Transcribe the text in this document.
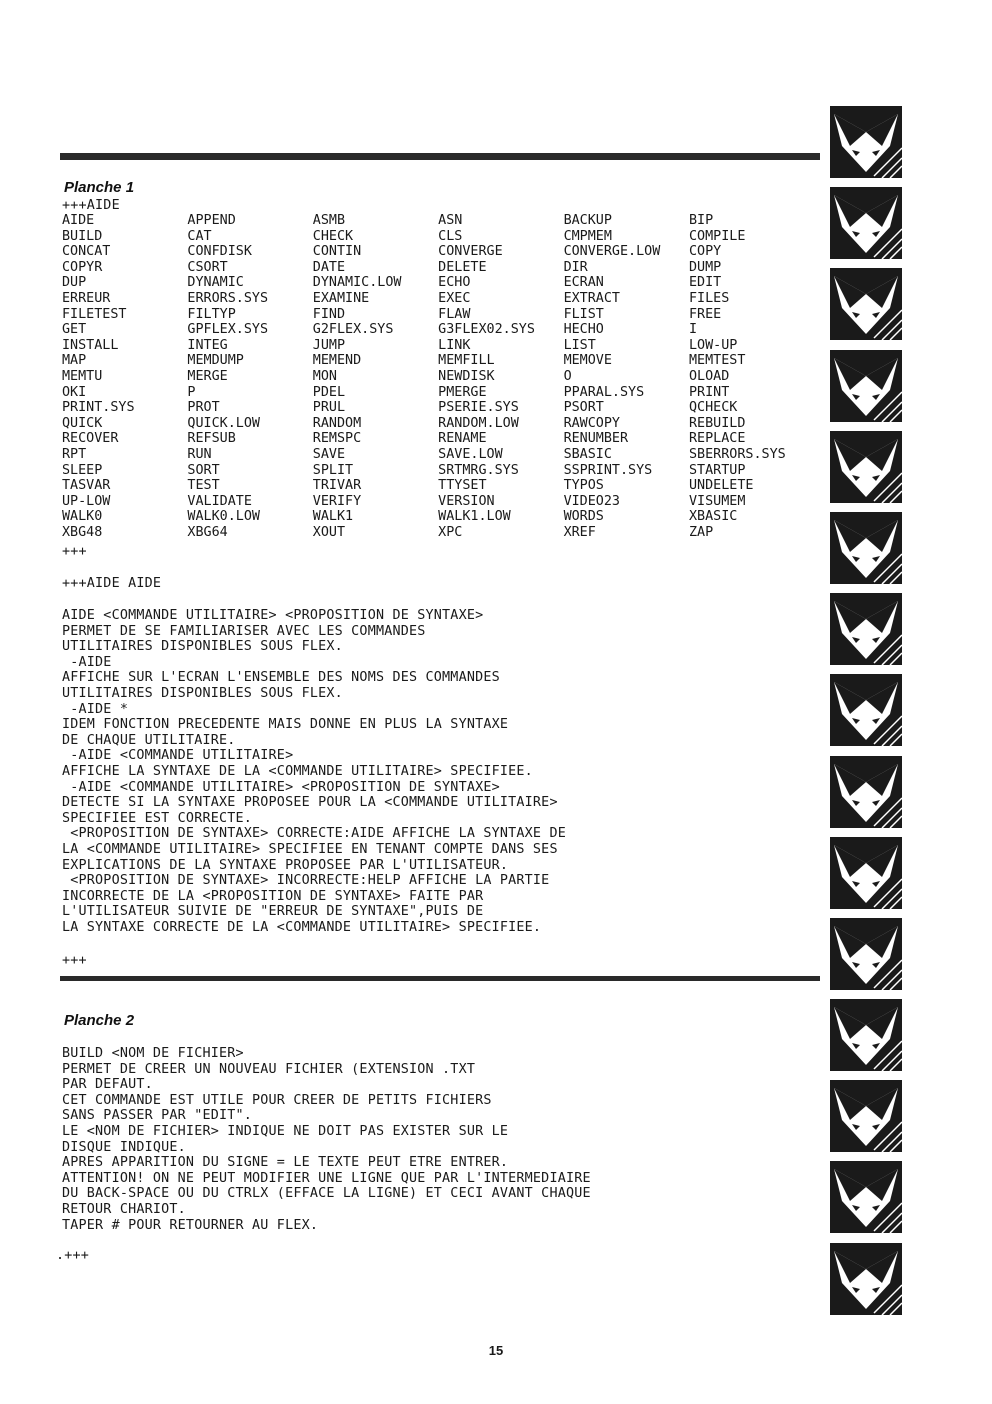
Planche 1
+++AIDE
AIDE	APPEND	ASMB	ASN	BACKUP	BIP
BUILD	CAT	CHECK	CLS	CMPMEM	COMPILE
CONCAT	CONFDISK	CONTIN	CONVERGE	CONVERGE.LOW	COPY
COPYR	CSORT	DATE	DELETE	DIR	DUMP
DUP	DYNAMIC	DYNAMIC.LOW	ECHO	ECRAN	EDIT
ERREUR	ERRORS.SYS	EXAMINE	EXEC	EXTRACT	FILES
FILETEST	FILTYP	FIND	FLAW	FLIST	FREE
GET	GPFLEX.SYS	G2FLEX.SYS	G3FLEX02.SYS	HECHO	I
INSTALL	INTEG	JUMP	LINK	LIST	LOW-UP
MAP	MEMDUMP	MEMEND	MEMFILL	MEMOVE	MEMTEST
MEMTU	MERGE	MON	NEWDISK	O	OLOAD
OKI	P	PDEL	PMERGE	PPARAL.SYS	PRINT
PRINT.SYS	PROT	PRUL	PSERIE.SYS	PSORT	QCHECK
QUICK	QUICK.LOW	RANDOM	RANDOM.LOW	RAWCOPY	REBUILD
RECOVER	REFSUB	REMSPC	RENAME	RENUMBER	REPLACE
RPT	RUN	SAVE	SAVE.LOW	SBASIC	SBERRORS.SYS
SLEEP	SORT	SPLIT	SRTMRG.SYS	SSPRINT.SYS	STARTUP
TASVAR	TEST	TRIVAR	TTYSET	TYPOS	UNDELETE
UP-LOW	VALIDATE	VERIFY	VERSION	VIDEO23	VISUMEM
WALK0	WALK0.LOW	WALK1	WALK1.LOW	WORDS	XBASIC
XBG48	XBG64	XOUT	XPC	XREF	ZAP
+++
+++AIDE AIDE
AIDE <COMMANDE UTILITAIRE> <PROPOSITION DE SYNTAXE>
PERMET DE SE FAMILIARISER AVEC LES COMMANDES
UTILITAIRES DISPONIBLES SOUS FLEX.
-AIDE
AFFICHE SUR L'ECRAN L'ENSEMBLE DES NOMS DES COMMANDES
UTILITAIRES DISPONIBLES SOUS FLEX.
-AIDE *
IDEM FONCTION PRECEDENTE MAIS DONNE EN PLUS LA SYNTAXE
DE CHAQUE UTILITAIRE.
-AIDE <COMMANDE UTILITAIRE>
AFFICHE LA SYNTAXE DE LA <COMMANDE UTILITAIRE> SPECIFIEE.
-AIDE <COMMANDE UTILITAIRE> <PROPOSITION DE SYNTAXE>
DETECTE SI LA SYNTAXE PROPOSEE POUR LA <COMMANDE UTILITAIRE>
SPECIFIEE EST CORRECTE.
<PROPOSITION DE SYNTAXE> CORRECTE:AIDE AFFICHE LA SYNTAXE DE
LA <COMMANDE UTILITAIRE> SPECIFIEE EN TENANT COMPTE DANS SES
EXPLICATIONS DE LA SYNTAXE PROPOSEE PAR L'UTILISATEUR.
<PROPOSITION DE SYNTAXE> INCORRECTE:HELP AFFICHE LA PARTIE
INCORRECTE DE LA <PROPOSITION DE SYNTAXE> FAITE PAR
L'UTILISATEUR SUIVIE DE "ERREUR DE SYNTAXE",PUIS DE
LA SYNTAXE CORRECTE DE LA <COMMANDE UTILITAIRE> SPECIFIEE.
+++
Planche 2
BUILD <NOM DE FICHIER>
PERMET DE CREER UN NOUVEAU FICHIER (EXTENSION .TXT
PAR DEFAUT.
CET COMMANDE EST UTILE POUR CREER DE PETITS FICHIERS
SANS PASSER PAR "EDIT".
LE <NOM DE FICHIER> INDIQUE NE DOIT PAS EXISTER SUR LE
DISQUE INDIQUE.
APRES APPARITION DU SIGNE = LE TEXTE PEUT ETRE ENTRER.
ATTENTION! ON NE PEUT MODIFIER UNE LIGNE QUE PAR L'INTERMEDIAIRE
DU BACK-SPACE OU DU CTRLX (EFFACE LA LIGNE) ET CECI AVANT CHAQUE
RETOUR CHARIOT.
TAPER # POUR RETOURNER AU FLEX.
.+++
15
